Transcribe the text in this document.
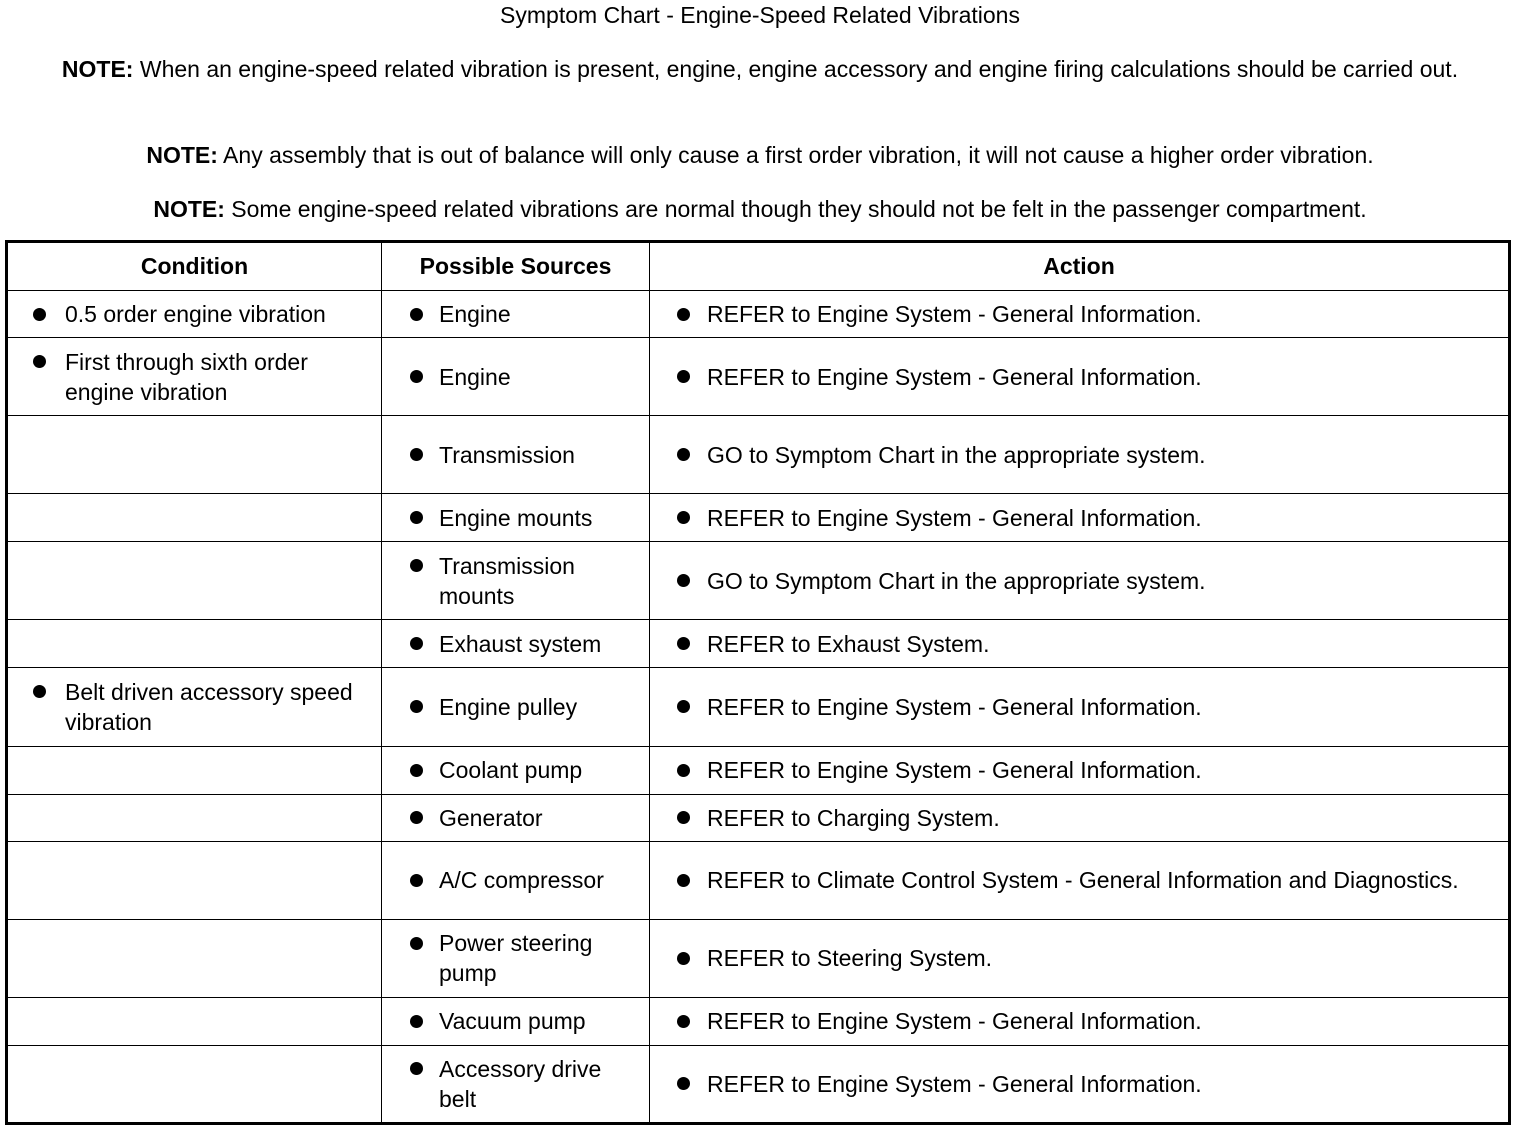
Symptom Chart - Engine-Speed Related Vibrations
NOTE: When an engine-speed related vibration is present, engine, engine accessory and engine firing calculations should be carried out.
NOTE: Any assembly that is out of balance will only cause a first order vibration, it will not cause a higher order vibration.
NOTE: Some engine-speed related vibrations are normal though they should not be felt in the passenger compartment.
Condition	Possible Sources	Action

0.5 order engine vibration	Engine	REFER to Engine System - General Information.

First through sixth order engine vibration	Engine	REFER to Engine System - General Information.

	Transmission	GO to Symptom Chart in the appropriate system.

	Engine mounts	REFER to Engine System - General Information.

	Transmission mounts	GO to Symptom Chart in the appropriate system.

	Exhaust system	REFER to Exhaust System.

Belt driven accessory speed vibration	Engine pulley	REFER to Engine System - General Information.

	Coolant pump	REFER to Engine System - General Information.

	Generator	REFER to Charging System.

	A/C compressor	REFER to Climate Control System - General Information and Diagnostics.

	Power steering pump	REFER to Steering System.

	Vacuum pump	REFER to Engine System - General Information.

	Accessory drive belt	REFER to Engine System - General Information.
